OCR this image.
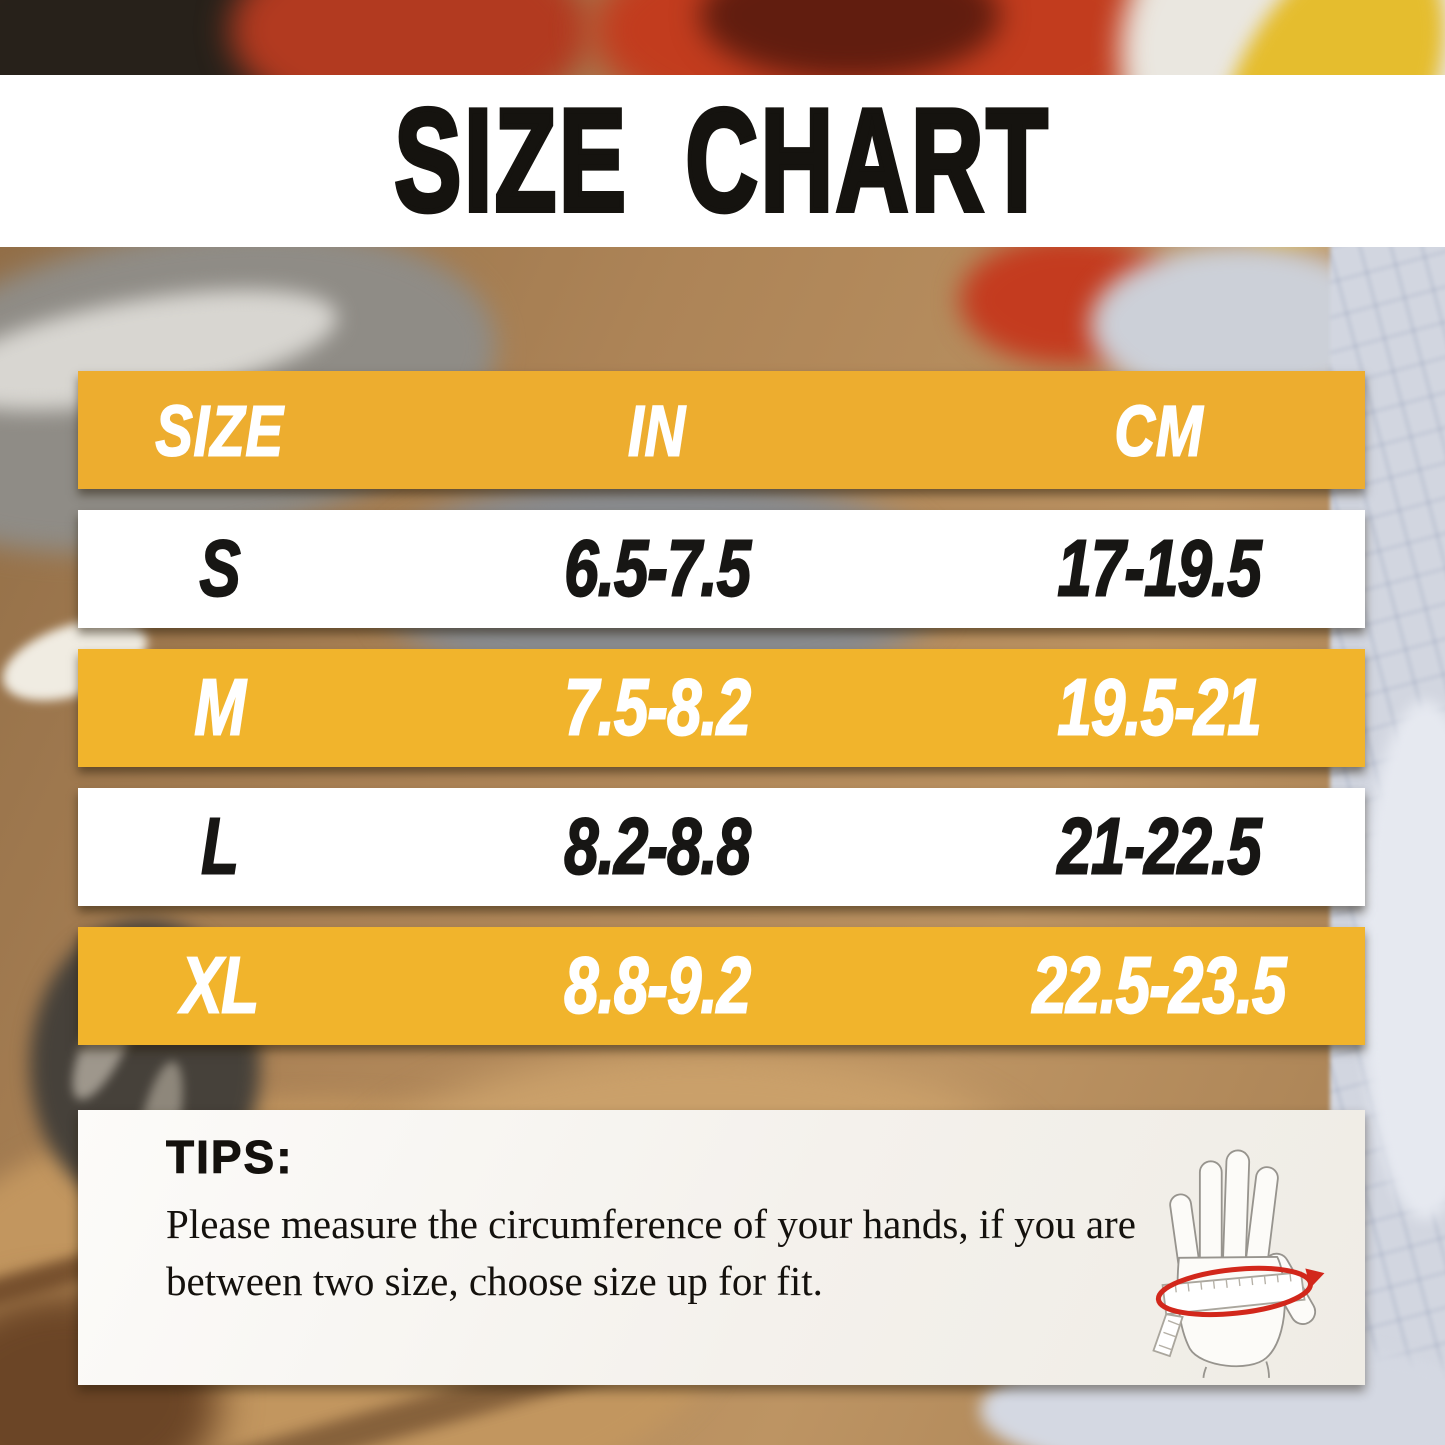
SIZE CHART
SIZE	IN	CM
S	6.5-7.5	17-19.5
M	7.5-8.2	19.5-21
L	8.2-8.8	21-22.5
XL	8.8-9.2	22.5-23.5
TIPS:

Please measure the circumference of your hands, if you are between two size, choose size up for fit.
